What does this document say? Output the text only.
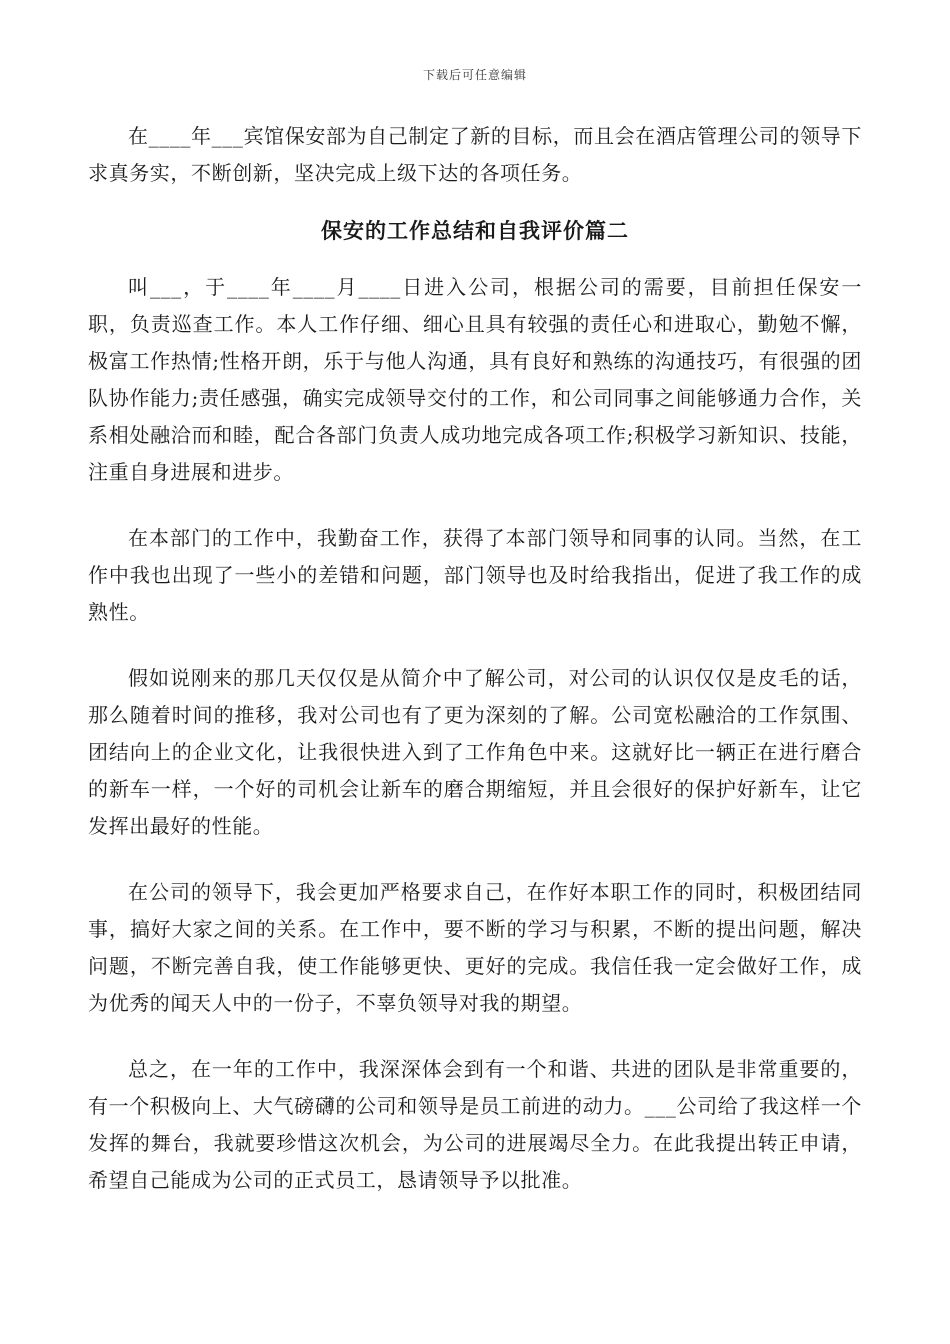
下载后可任意编辑

在____年___宾馆保安部为自己制定了新的目标，而且会在酒店管理公司的领导下求真务实，不断创新，坚决完成上级下达的各项任务。

保安的工作总结和自我评价篇二

叫___，于____年____月____日进入公司，根据公司的需要，目前担任保安一职，负责巡查工作。本人工作仔细、细心且具有较强的责任心和进取心，勤勉不懈，极富工作热情;性格开朗，乐于与他人沟通，具有良好和熟练的沟通技巧，有很强的团队协作能力;责任感强，确实完成领导交付的工作，和公司同事之间能够通力合作，关系相处融洽而和睦，配合各部门负责人成功地完成各项工作;积极学习新知识、技能，注重自身进展和进步。

在本部门的工作中，我勤奋工作，获得了本部门领导和同事的认同。当然，在工作中我也出现了一些小的差错和问题，部门领导也及时给我指出，促进了我工作的成熟性。

假如说刚来的那几天仅仅是从简介中了解公司，对公司的认识仅仅是皮毛的话，那么随着时间的推移，我对公司也有了更为深刻的了解。公司宽松融洽的工作氛围、团结向上的企业文化，让我很快进入到了工作角色中来。这就好比一辆正在进行磨合的新车一样，一个好的司机会让新车的磨合期缩短，并且会很好的保护好新车，让它发挥出最好的性能。

在公司的领导下，我会更加严格要求自己，在作好本职工作的同时，积极团结同事，搞好大家之间的关系。在工作中，要不断的学习与积累，不断的提出问题，解决问题，不断完善自我，使工作能够更快、更好的完成。我信任我一定会做好工作，成为优秀的闻天人中的一份子，不辜负领导对我的期望。

总之，在一年的工作中，我深深体会到有一个和谐、共进的团队是非常重要的，有一个积极向上、大气磅礴的公司和领导是员工前进的动力。___公司给了我这样一个发挥的舞台，我就要珍惜这次机会，为公司的进展竭尽全力。在此我提出转正申请，希望自己能成为公司的正式员工，恳请领导予以批准。
